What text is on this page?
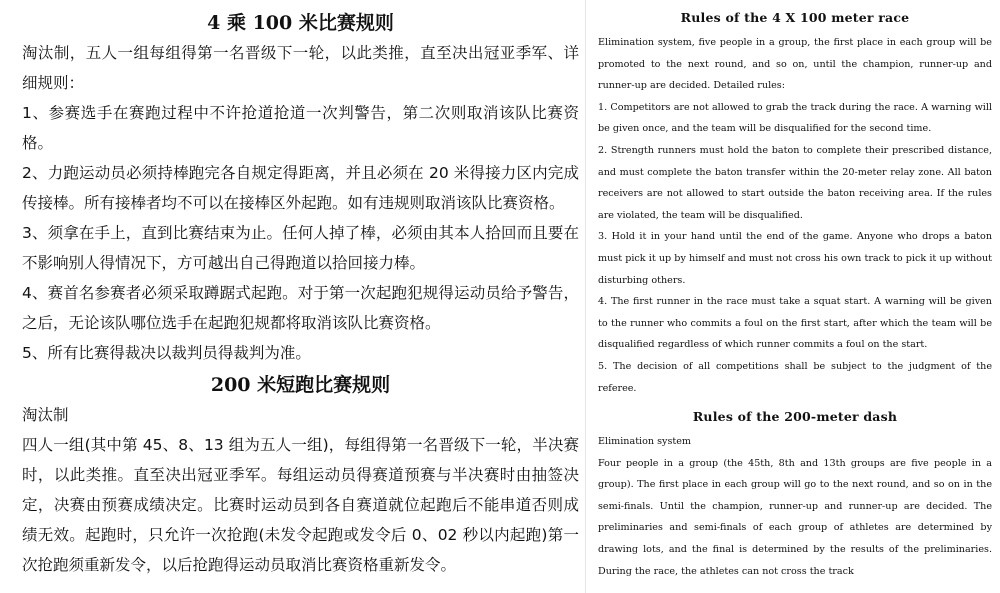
4 乘 100 米比赛规则

淘汰制，五人一组每组得第一名晋级下一轮，以此类推，直至决出冠亚季军、详细规则：

1、参赛选手在赛跑过程中不许抢道抢道一次判警告，第二次则取消该队比赛资格。

2、力跑运动员必须持棒跑完各自规定得距离，并且必须在 20 米得接力区内完成传接棒。所有接棒者均不可以在接棒区外起跑。如有违规则取消该队比赛资格。

3、须拿在手上，直到比赛结束为止。任何人掉了棒，必须由其本人拾回而且要在不影响别人得情况下，方可越出自己得跑道以拾回接力棒。

4、赛首名参赛者必须采取蹲踞式起跑。对于第一次起跑犯规得运动员给予警告，之后，无论该队哪位选手在起跑犯规都将取消该队比赛资格。

5、所有比赛得裁决以裁判员得裁判为准。

200 米短跑比赛规则

淘汰制

四人一组(其中第 45、8、13 组为五人一组)，每组得第一名晋级下一轮，半决赛时，以此类推。直至决出冠亚季军。每组运动员得赛道预赛与半决赛时由抽签决定，决赛由预赛成绩决定。比赛时运动员到各自赛道就位起跑后不能串道否则成绩无效。起跑时，只允许一次抢跑(未发令起跑或发令后 0、02 秒以内起跑)第一次抢跑须重新发令，以后抢跑得运动员取消比赛资格重新发令。

Rules of the 4 X 100 meter race

Elimination system, five people in a group, the first place in each group will be promoted to the next round, and so on, until the champion, runner-up and runner-up are decided. Detailed rules:

1. Competitors are not allowed to grab the track during the race. A warning will be given once, and the team will be disqualified for the second time.

2. Strength runners must hold the baton to complete their prescribed distance, and must complete the baton transfer within the 20-meter relay zone. All baton receivers are not allowed to start outside the baton receiving area. If the rules are violated, the team will be disqualified.

3. Hold it in your hand until the end of the game. Anyone who drops a baton must pick it up by himself and must not cross his own track to pick it up without disturbing others.

4. The first runner in the race must take a squat start. A warning will be given to the runner who commits a foul on the first start, after which the team will be disqualified regardless of which runner commits a foul on the start.

5. The decision of all competitions shall be subject to the judgment of the referee.

Rules of the 200-meter dash

Elimination system

Four people in a group (the 45th, 8th and 13th groups are five people in a group). The first place in each group will go to the next round, and so on in the semi-finals. Until the champion, runner-up and runner-up are decided. The preliminaries and semi-finals of each group of athletes are determined by drawing lots, and the final is determined by the results of the preliminaries. During the race, the athletes can not cross the track
